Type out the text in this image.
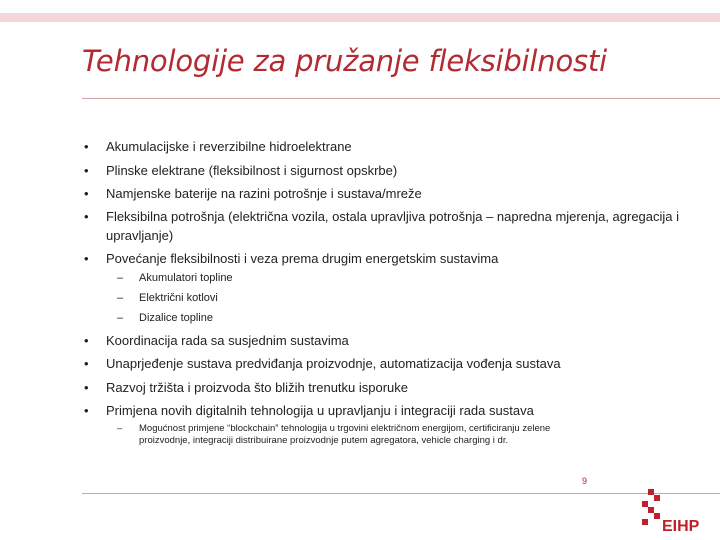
Tehnologije za pružanje fleksibilnosti
• Akumulacijske i reverzibilne hidroelektrane
• Plinske elektrane (fleksibilnost i sigurnost opskrbe)
• Namjenske baterije na razini potrošnje i sustava/mreže
• Fleksibilna potrošnja (električna vozila, ostala upravljiva potrošnja – napredna mjerenja, agregacija i upravljanje)
• Povećanje fleksibilnosti i veza prema drugim energetskim sustavima
– Akumulatori topline
– Električni kotlovi
– Dizalice topline
• Koordinacija rada sa susjednim sustavima
• Unaprjeđenje sustava predviđanja proizvodnje, automatizacija vođenja sustava
• Razvoj tržišta i proizvoda što bližih trenutku isporuke
• Primjena novih digitalnih tehnologija u upravljanju i integraciji rada sustava
– Mogućnost primjene “blockchain” tehnologija u trgovini električnom energijom, certificiranju zelene proizvodnje, integraciji distribuirane proizvodnje putem agregatora, vehicle charging i dr.
9
EIHP
